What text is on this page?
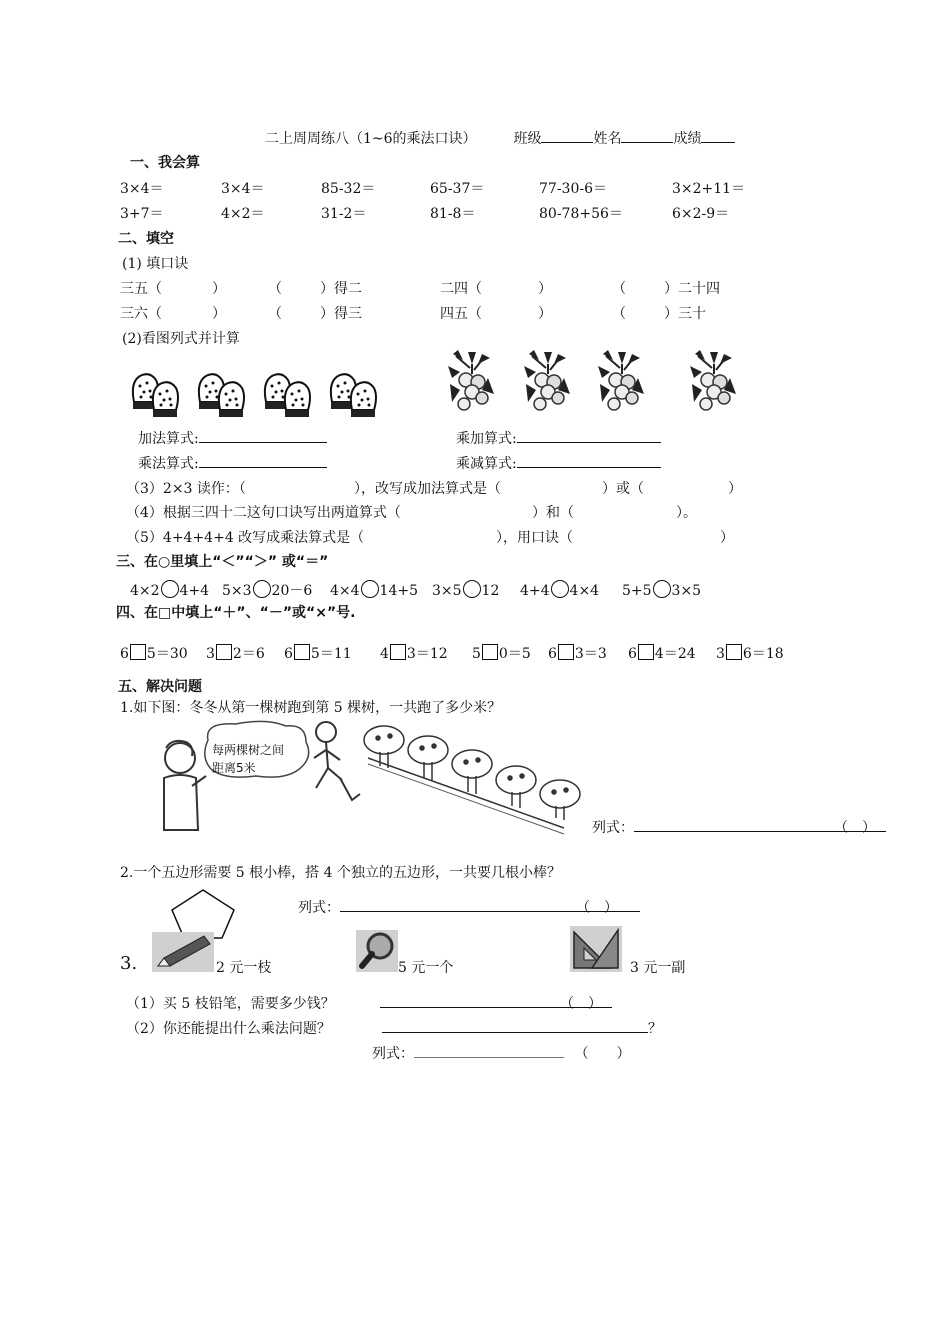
二上周周练八（1~6的乘法口诀）	班级	姓名	成绩
一、我会算
3×4＝	3×4＝	85-32＝	65-37＝	77-30-6＝	3×2+11＝
3+7＝	4×2＝	31-2＝	81-8＝	80-78+56＝	6×2-9＝
二、填空
(1) 填口诀
三五（	）	（	）得二	二四（	）	（	）二十四
三六（	）	（	）得三	四五（	）	（	）三十
(2)看图列式并计算
加法算式:	乘加算式:
乘法算式:	乘减算式:
（3）2×3 读作：（	），改写成加法算式是（	）或（	）
（4）根据三四十二这句口诀写出两道算式（	）和（	）。
（5）4+4+4+4 改写成乘法算式是（	），用口诀（	）
三、在○里填上“＜”“＞” 或“＝”
4×2 4+4 5×3 20－6 4×4 14+5 3×5 12 4+4 4×4 5+5 3×5
四、在□中填上“＋”、“－”或“×”号.
6 5＝30 3 2＝6 6 5＝11 4 3＝12 5 0＝5 6 3＝3 6 4＝24 3 6＝18
五、解决问题
1.如下图：冬冬从第一棵树跑到第 5 棵树，一共跑了多少米？
每两棵树之间
距离5米
列式：	（　）
2.一个五边形需要 5 根小棒，搭 4 个独立的五边形，一共要几根小棒？
列式：	（　）
3.	2 元一枝	5 元一个	3 元一副
（1）买 5 枝铅笔，需要多少钱？	（　）
（2）你还能提出什么乘法问题？	？
列式：	（　　）
